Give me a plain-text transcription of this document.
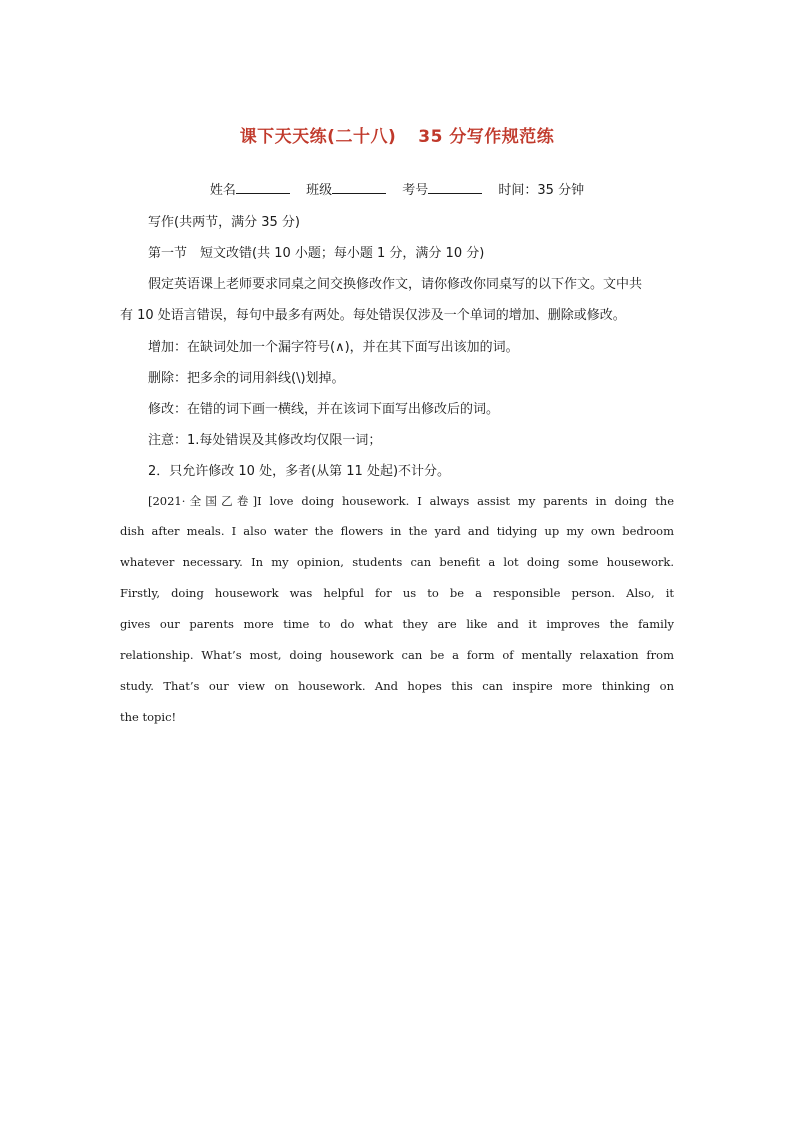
课下天天练(二十八) 35 分写作规范练
姓名	班级	考号	时间：35 分钟
写作(共两节，满分 35 分)
第一节　短文改错(共 10 小题；每小题 1 分，满分 10 分)
假定英语课上老师要求同桌之间交换修改作文，请你修改你同桌写的以下作文。文中共
有 10 处语言错误，每句中最多有两处。每处错误仅涉及一个单词的增加、删除或修改。
增加：在缺词处加一个漏字符号(∧)，并在其下面写出该加的词。
删除：把多余的词用斜线(\)划掉。
修改：在错的词下画一横线，并在该词下面写出修改后的词。
注意：1.每处错误及其修改均仅限一词；
2．只允许修改 10 处，多者(从第 11 处起)不计分。
[2021·全国乙卷]I love doing housework. I always assist my parents in doing the
dish after meals. I also water the flowers in the yard and tidying up my own bedroom
whatever necessary. In my opinion, students can benefit a lot doing some housework.
Firstly, doing housework was helpful for us to be a responsible person. Also, it
gives our parents more time to do what they are like and it improves the family
relationship. What’s most, doing housework can be a form of mentally relaxation from
study. That’s our view on housework. And hopes this can inspire more thinking on
the topic!
